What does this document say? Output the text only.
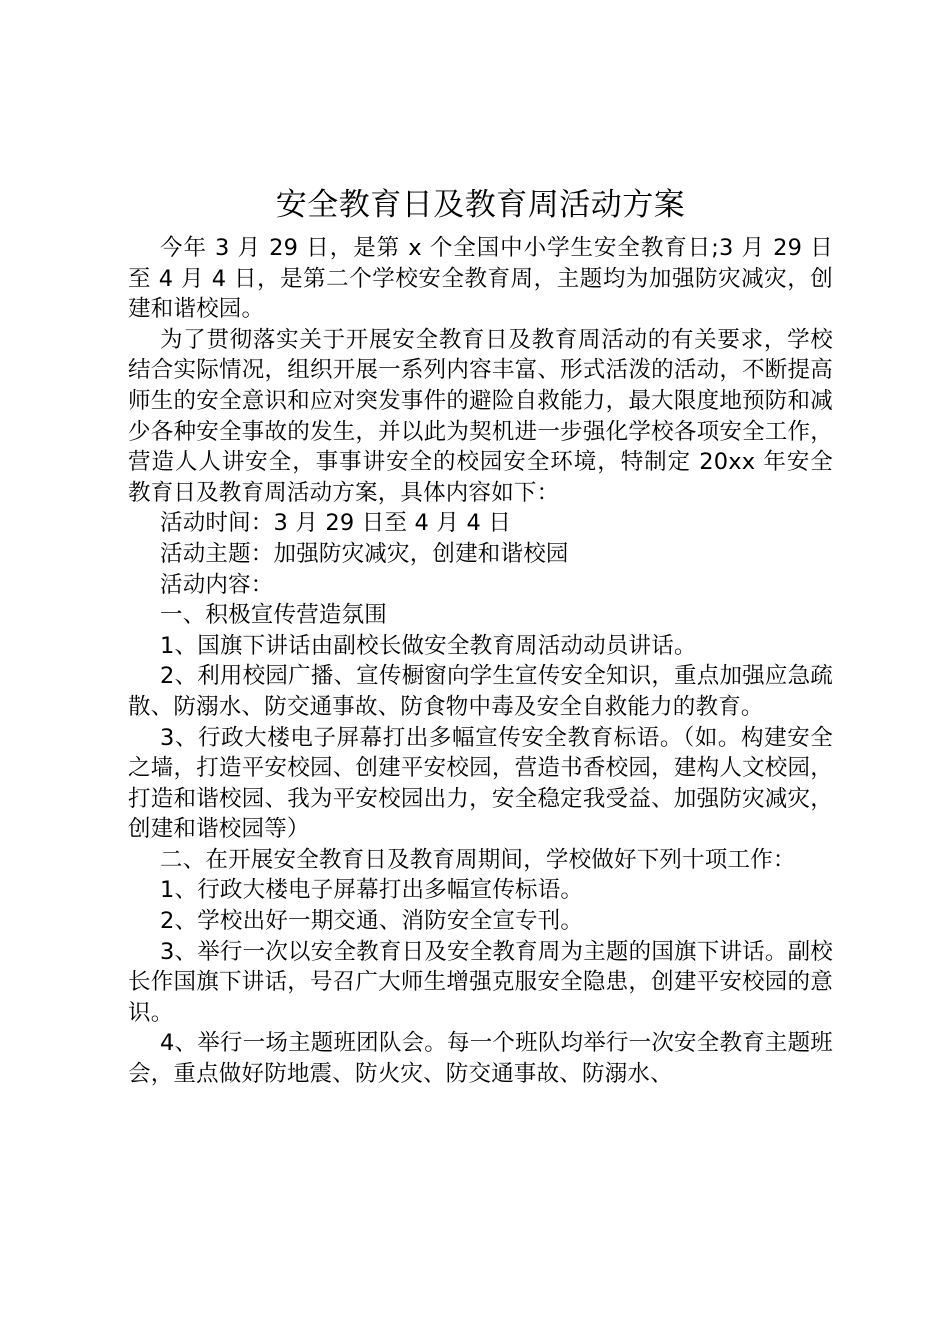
安全教育日及教育周活动方案

今年 3 月 29 日，是第 x 个全国中小学生安全教育日;3 月 29 日至 4 月 4 日，是第二个学校安全教育周，主题均为加强防灾减灾，创建和谐校园。

为了贯彻落实关于开展安全教育日及教育周活动的有关要求，学校结合实际情况，组织开展一系列内容丰富、形式活泼的活动，不断提高师生的安全意识和应对突发事件的避险自救能力，最大限度地预防和减少各种安全事故的发生，并以此为契机进一步强化学校各项安全工作，营造人人讲安全，事事讲安全的校园安全环境，特制定 20xx 年安全教育日及教育周活动方案，具体内容如下：

活动时间：3 月 29 日至 4 月 4 日

活动主题：加强防灾减灾，创建和谐校园

活动内容：

一、积极宣传营造氛围

1、国旗下讲话由副校长做安全教育周活动动员讲话。

2、利用校园广播、宣传橱窗向学生宣传安全知识，重点加强应急疏散、防溺水、防交通事故、防食物中毒及安全自救能力的教育。

3、行政大楼电子屏幕打出多幅宣传安全教育标语。（如。构建安全之墙，打造平安校园、创建平安校园，营造书香校园，建构人文校园，打造和谐校园、我为平安校园出力，安全稳定我受益、加强防灾减灾，创建和谐校园等）

二、在开展安全教育日及教育周期间，学校做好下列十项工作：

1、行政大楼电子屏幕打出多幅宣传标语。

2、学校出好一期交通、消防安全宣专刊。

3、举行一次以安全教育日及安全教育周为主题的国旗下讲话。副校长作国旗下讲话，号召广大师生增强克服安全隐患，创建平安校园的意识。

4、举行一场主题班团队会。每一个班队均举行一次安全教育主题班会，重点做好防地震、防火灾、防交通事故、防溺水、
